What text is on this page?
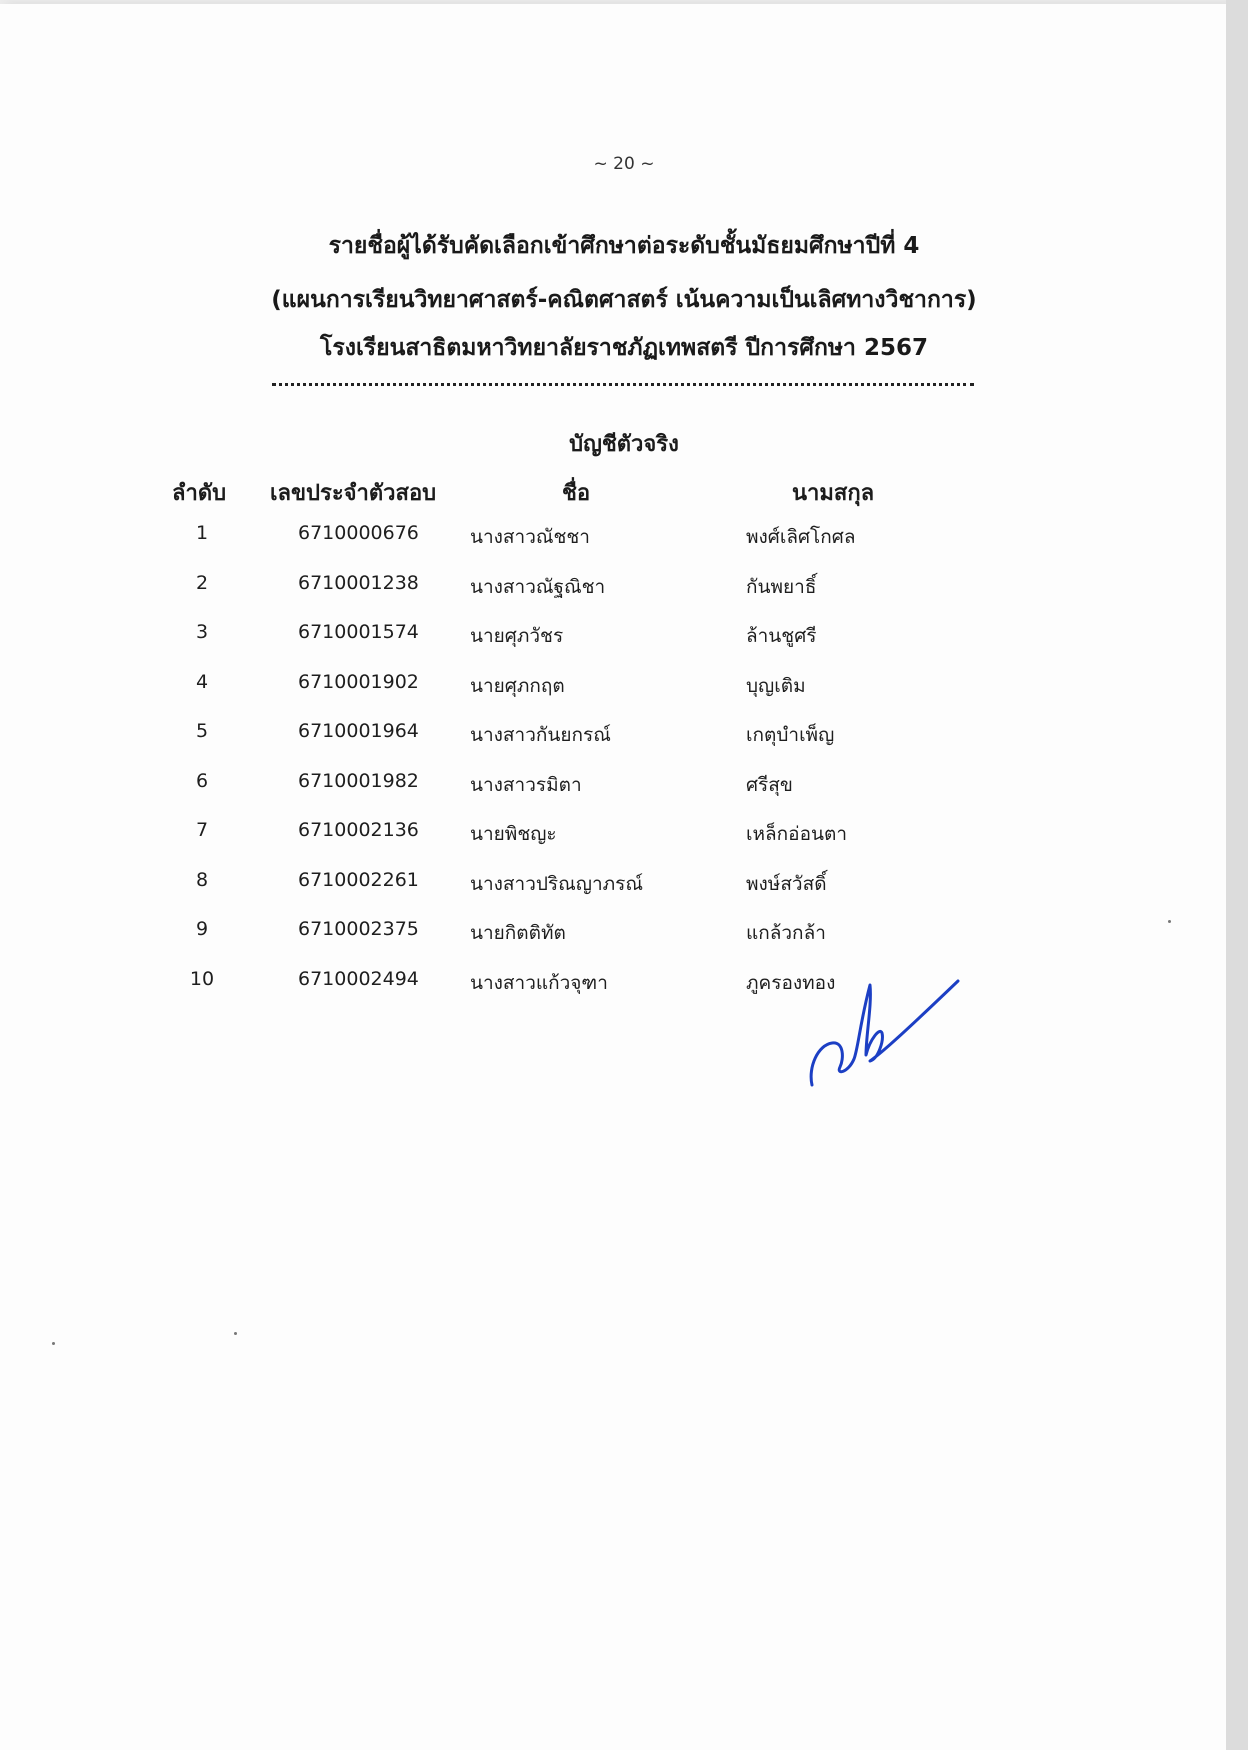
~ 20 ~
รายชื่อผู้ได้รับคัดเลือกเข้าศึกษาต่อระดับชั้นมัธยมศึกษาปีที่ 4
(แผนการเรียนวิทยาศาสตร์-คณิตศาสตร์ เน้นความเป็นเลิศทางวิชาการ)
โรงเรียนสาธิตมหาวิทยาลัยราชภัฏเทพสตรี ปีการศึกษา 2567
บัญชีตัวจริง
ลำดับ เลขประจำตัวสอบ	ชื่อ	นามสกุล
1	6710000676	นางสาวณัชชา	พงศ์เลิศโกศล
2	6710001238	นางสาวณัฐณิชา	กันพยาธิ์
3	6710001574	นายศุภวัชร	ล้านชูศรี
4	6710001902	นายศุภกฤต	บุญเติม
5	6710001964	นางสาวกันยกรณ์	เกตุบำเพ็ญ
6	6710001982	นางสาวรมิตา	ศรีสุข
7	6710002136	นายพิชญะ	เหล็กอ่อนตา
8	6710002261	นางสาวปริณญาภรณ์	พงษ์สวัสดิ์
9	6710002375	นายกิตติทัต	แกล้วกล้า
10	6710002494	นางสาวแก้วจุฑา	ภูครองทอง
